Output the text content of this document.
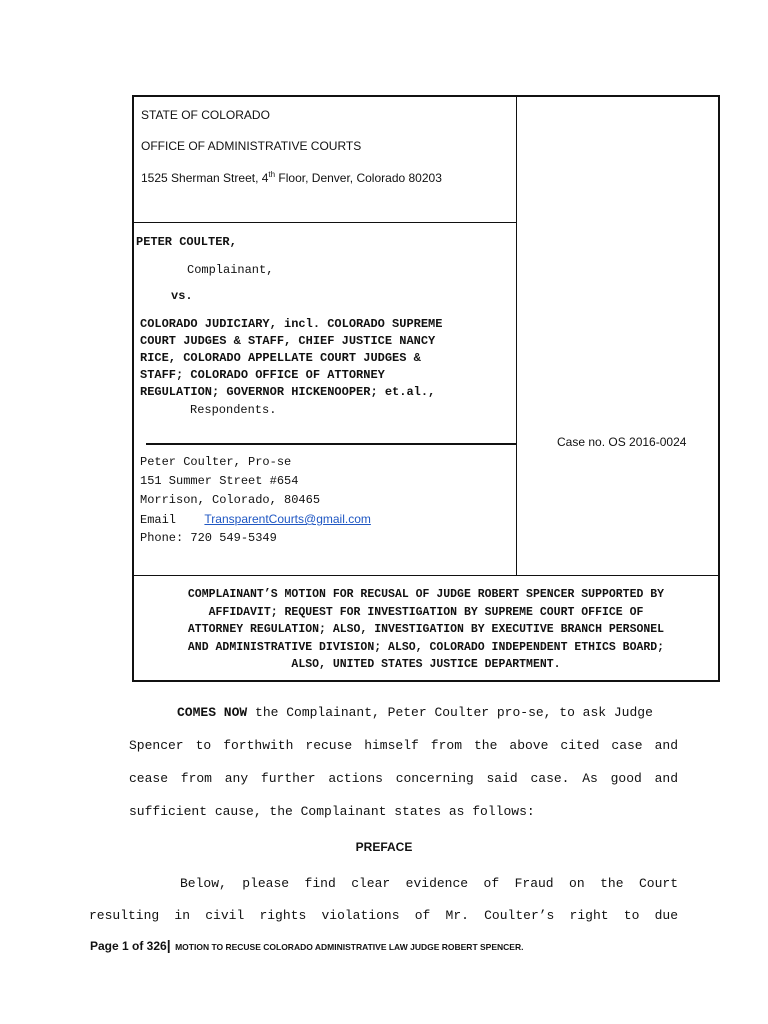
STATE OF COLORADO
OFFICE OF ADMINISTRATIVE COURTS
1525 Sherman Street, 4th Floor, Denver, Colorado 80203
PETER COULTER,
Complainant,
vs.
COLORADO JUDICIARY, incl. COLORADO SUPREME
COURT JUDGES & STAFF, CHIEF JUSTICE NANCY
RICE, COLORADO APPELLATE COURT JUDGES &
STAFF; COLORADO OFFICE OF ATTORNEY
REGULATION; GOVERNOR HICKENOOPER; et.al.,
Respondents.
Peter Coulter, Pro-se
151 Summer Street #654
Morrison, Colorado, 80465
Email TransparentCourts@gmail.com
Phone: 720 549-5349
Case no. OS 2016-0024
COMPLAINANT’S MOTION FOR RECUSAL OF JUDGE ROBERT SPENCER SUPPORTED BY
AFFIDAVIT; REQUEST FOR INVESTIGATION BY SUPREME COURT OFFICE OF
ATTORNEY REGULATION; ALSO, INVESTIGATION BY EXECUTIVE BRANCH PERSONEL
AND ADMINISTRATIVE DIVISION; ALSO, COLORADO INDEPENDENT ETHICS BOARD;
ALSO, UNITED STATES JUSTICE DEPARTMENT.
COMES NOW the Complainant, Peter Coulter pro-se, to ask Judge
Spencer to forthwith recuse himself from the above cited case and
cease from any further actions concerning said case. As good and
sufficient cause, the Complainant states as follows:
PREFACE
Below, please find clear evidence of Fraud on the Court
resulting in civil rights violations of Mr. Coulter’s right to due
Page 1 of 326| MOTION TO RECUSE COLORADO ADMINISTRATIVE LAW JUDGE ROBERT SPENCER.
